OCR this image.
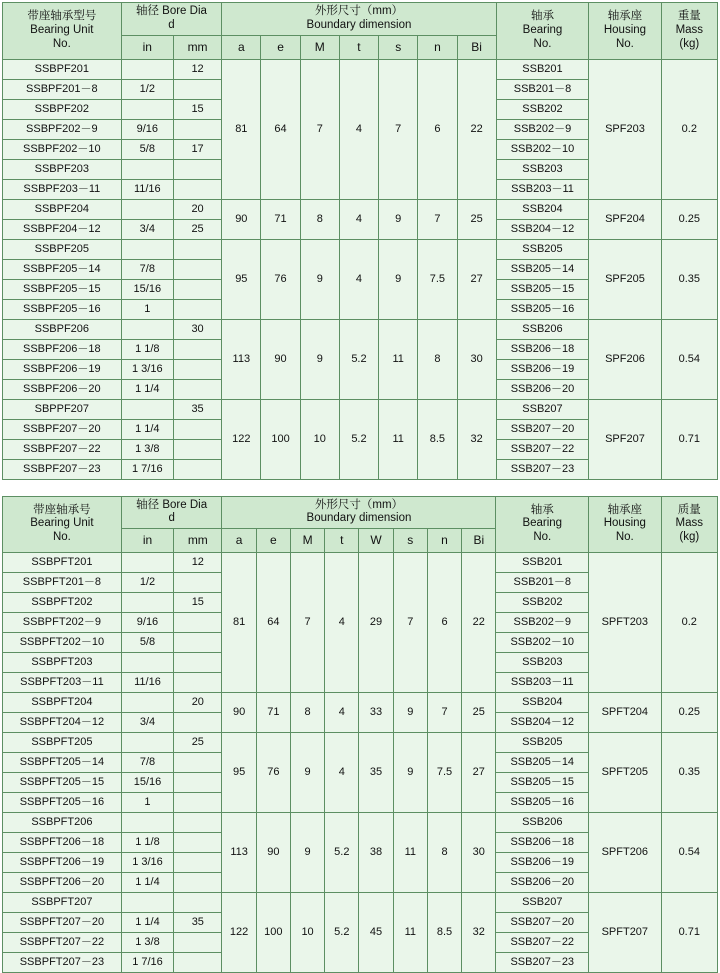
带座轴承型号
Bearing Unit
No.	轴径 Bore Dia
d		外形尺寸（mm）
Boundary dimension							轴承
Bearing
No.	轴承座
Housing
No.	重量
Mass
(kg)

	in	mm	a	e	M	t	s	n	Bi			
SSBPF201		12	81	64	7	4	7	6	22	SSB201	SPF203	0.2
SSBPF201－8	1/2									SSB201－8		
SSBPF202		15								SSB202		
SSBPF202－9	9/16									SSB202－9		
SSBPF202－10	5/8	17								SSB202－10		
SSBPF203										SSB203		
SSBPF203－11	11/16									SSB203－11		
SSBPF204		20	90	71	8	4	9	7	25	SSB204	SPF204	0.25
SSBPF204－12	3/4	25								SSB204－12		
SSBPF205			95	76	9	4	9	7.5	27	SSB205	SPF205	0.35
SSBPF205－14	7/8									SSB205－14		
SSBPF205－15	15/16									SSB205－15		
SSBPF205－16	1									SSB205－16		
SSBPF206		30	113	90	9	5.2	11	8	30	SSB206	SPF206	0.54
SSBPF206－18	1 1/8									SSB206－18		
SSBPF206－19	1 3/16									SSB206－19		
SSBPF206－20	1 1/4									SSB206－20		
SBPPF207		35	122	100	10	5.2	11	8.5	32	SSB207	SPF207	0.71
SSBPF207－20	1 1/4									SSB207－20		
SSBPF207－22	1 3/8									SSB207－22		
SSBPF207－23	1 7/16									SSB207－23		
带座轴承号
Bearing Unit
No.	轴径 Bore Dia
d		外形尺寸（mm）
Boundary dimension								轴承
Bearing
No.	轴承座
Housing
No.	质量
Mass
(kg)

	in	mm	a	e	M	t	W	s	n	Bi			
SSBPFT201		12	81	64	7	4	29	7	6	22	SSB201	SPFT203	0.2
SSBPFT201－8	1/2										SSB201－8		
SSBPFT202		15									SSB202		
SSBPFT202－9	9/16										SSB202－9		
SSBPFT202－10	5/8										SSB202－10		
SSBPFT203											SSB203		
SSBPFT203－11	11/16										SSB203－11		
SSBPFT204		20	90	71	8	4	33	9	7	25	SSB204	SPFT204	0.25
SSBPFT204－12	3/4										SSB204－12		
SSBPFT205		25	95	76	9	4	35	9	7.5	27	SSB205	SPFT205	0.35
SSBPFT205－14	7/8										SSB205－14		
SSBPFT205－15	15/16										SSB205－15		
SSBPFT205－16	1										SSB205－16		
SSBPFT206			113	90	9	5.2	38	11	8	30	SSB206	SPFT206	0.54
SSBPFT206－18	1 1/8										SSB206－18		
SSBPFT206－19	1 3/16										SSB206－19		
SSBPFT206－20	1 1/4										SSB206－20		
SSBPFT207			122	100	10	5.2	45	11	8.5	32	SSB207	SPFT207	0.71
SSBPFT207－20	1 1/4	35									SSB207－20		
SSBPFT207－22	1 3/8										SSB207－22		
SSBPFT207－23	1 7/16										SSB207－23		
